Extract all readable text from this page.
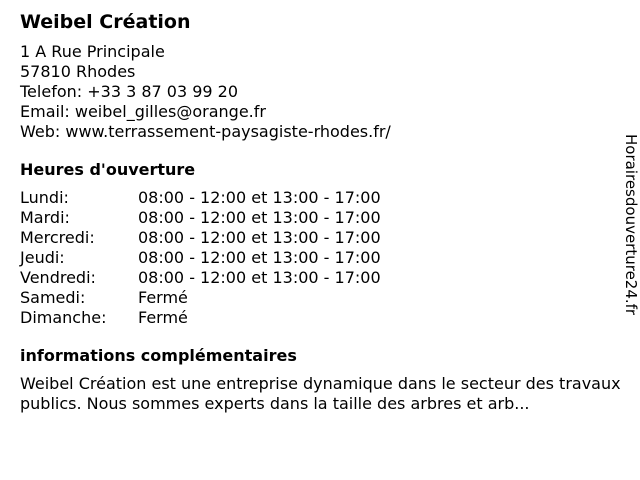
Weibel Création
1 A Rue Principale
57810 Rhodes
Telefon: +33 3 87 03 99 20
Email: weibel_gilles@orange.fr
Web: www.terrassement-paysagiste-rhodes.fr/
Heures d'ouverture
Lundi:	08:00 - 12:00 et 13:00 - 17:00
Mardi:	08:00 - 12:00 et 13:00 - 17:00
Mercredi:	08:00 - 12:00 et 13:00 - 17:00
Jeudi:	08:00 - 12:00 et 13:00 - 17:00
Vendredi:	08:00 - 12:00 et 13:00 - 17:00
Samedi:	Fermé
Dimanche:	Fermé
informations complémentaires
Weibel Création est une entreprise dynamique dans le secteur des travaux publics. Nous sommes experts dans la taille des arbres et arb...
Horairesdouverture24.fr
